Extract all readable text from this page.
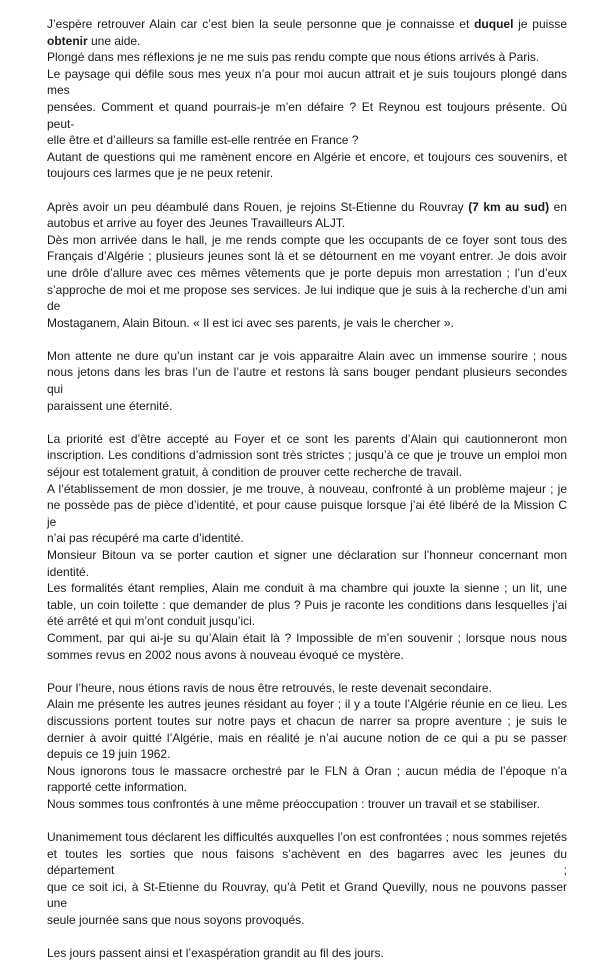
J’espère retrouver Alain car c’est bien la seule personne que je connaisse et duquel je puisse
obtenir une aide.
Plongé dans mes réflexions je ne me suis pas rendu compte que nous étions arrivés à Paris.
Le paysage qui défile sous mes yeux n’a pour moi aucun attrait et je suis toujours plongé dans mes
pensées. Comment et quand pourrais-je m’en défaire ? Et Reynou est toujours présente. Où peut-
elle être et d’ailleurs sa famille est-elle rentrée en France ?
Autant de questions qui me ramènent encore en Algérie et encore, et toujours ces souvenirs, et
toujours ces larmes que je ne peux retenir.
Après avoir un peu déambulé dans Rouen, je rejoins St-Etienne du Rouvray (7 km au sud) en
autobus et arrive au foyer des Jeunes Travailleurs ALJT.
Dès mon arrivée dans le hall, je me rends compte que les occupants de ce foyer sont tous des
Français d’Algérie ; plusieurs jeunes sont là et se détournent en me voyant entrer. Je dois avoir
une drôle d’allure avec ces mêmes vêtements que je porte depuis mon arrestation ; l’un d’eux
s’approche de moi et me propose ses services. Je lui indique que je suis à la recherche d’un ami de
Mostaganem, Alain Bitoun. « Il est ici avec ses parents, je vais le chercher ».
Mon attente ne dure qu’un instant car je vois apparaitre Alain avec un immense sourire ; nous
nous jetons dans les bras l’un de l’autre et restons là sans bouger pendant plusieurs secondes qui
paraissent une éternité.
La priorité est d’être accepté au Foyer et ce sont les parents d’Alain qui cautionneront mon
inscription. Les conditions d’admission sont très strictes ; jusqu’à ce que je trouve un emploi mon
séjour est totalement gratuit, à condition de prouver cette recherche de travail.
A l’établissement de mon dossier, je me trouve, à nouveau, confronté à un problème majeur ; je
ne possède pas de pièce d’identité, et pour cause puisque lorsque j’ai été libéré de la Mission C je
n’ai pas récupéré ma carte d’identité.
Monsieur Bitoun va se porter caution et signer une déclaration sur l’honneur concernant mon
identité.
Les formalités étant remplies, Alain me conduit à ma chambre qui jouxte la sienne ; un lit, une
table, un coin toilette : que demander de plus ? Puis je raconte les conditions dans lesquelles j’ai
été arrêté et qui m’ont conduit jusqu’ici.
Comment, par qui ai-je su qu’Alain était là ? Impossible de m’en souvenir ; lorsque nous nous
sommes revus en 2002 nous avons à nouveau évoqué ce mystère.
Pour l’heure, nous étions ravis de nous être retrouvés, le reste devenait secondaire.
Alain me présente les autres jeunes résidant au foyer ; il y a toute l’Algérie réunie en ce lieu. Les
discussions portent toutes sur notre pays et chacun de narrer sa propre aventure ; je suis le
dernier à avoir quitté l’Algérie, mais en réalité je n’ai aucune notion de ce qui a pu se passer
depuis ce 19 juin 1962.
Nous ignorons tous le massacre orchestré par le FLN à Oran ; aucun média de l’époque n’a
rapporté cette information.
Nous sommes tous confrontés à une même préoccupation : trouver un travail et se stabiliser.
Unanimement tous déclarent les difficultés auxquelles l’on est confrontées ; nous sommes rejetés
et toutes les sorties que nous faisons s’achèvent en des bagarres avec les jeunes du département ;
que ce soit ici, à St-Etienne du Rouvray, qu’à Petit et Grand Quevilly, nous ne pouvons passer une
seule journée sans que nous soyons provoqués.
Les jours passent ainsi et l’exaspération grandit au fil des jours.
